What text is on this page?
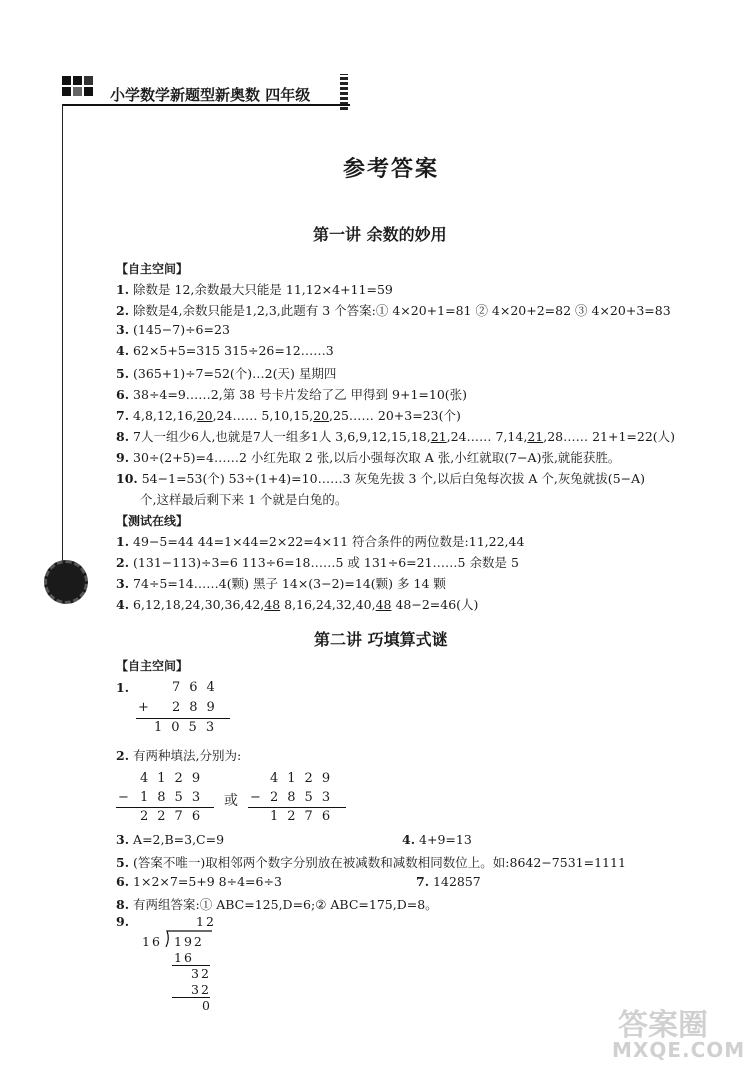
小学数学新题型新奥数 四年级
参考答案
第一讲 余数的妙用
【自主空间】
1. 除数是 12,余数最大只能是 11,12×4+11=59
2. 除数是4,余数只能是1,2,3,此题有 3 个答案:① 4×20+1=81 ② 4×20+2=82 ③ 4×20+3=83
3. (145−7)÷6=23
4. 62×5+5=315 315÷26=12……3
5. (365+1)÷7=52(个)…2(天) 星期四
6. 38÷4=9……2,第 38 号卡片发给了乙 甲得到 9+1=10(张)
7. 4,8,12,16,20,24…… 5,10,15,20,25…… 20+3=23(个)
8. 7人一组少6人,也就是7人一组多1人 3,6,9,12,15,18,21,24…… 7,14,21,28…… 21+1=22(人)
9. 30÷(2+5)=4……2 小红先取 2 张,以后小强每次取 A 张,小红就取(7−A)张,就能获胜。
10. 54−1=53(个) 53÷(1+4)=10……3 灰兔先拔 3 个,以后白兔每次拔 A 个,灰兔就拔(5−A)
个,这样最后剩下来 1 个就是白兔的。
【测试在线】
1. 49−5=44 44=1×44=2×22=4×11 符合条件的两位数是:11,22,44
2. (131−113)÷3=6 113÷6=18……5 或 131÷6=21……5 余数是 5
3. 74÷5=14……4(颗) 黑子 14×(3−2)=14(颗) 多 14 颗
4. 6,12,18,24,30,36,42,48 8,16,24,32,40,48 48−2=46(人)
第二讲 巧填算式谜
【自主空间】
1.	764
+ 289
1053
2. 有两种填法,分别为:
4129
− 1853
2276
或
4129
− 2853
1276
3. A=2,B=3,C=9	4. 4+9=13
5. (答案不唯一)取相邻两个数字分别放在被减数和减数相同数位上。如:8642−7531=1111
6. 1×2×7=5+9 8÷4=6÷3	7. 142857
8. 有两组答案:① ABC=125,D=6;② ABC=175,D=8。
9.	12
16 192
16
32
32
0
答案圈
MXQE.COM
